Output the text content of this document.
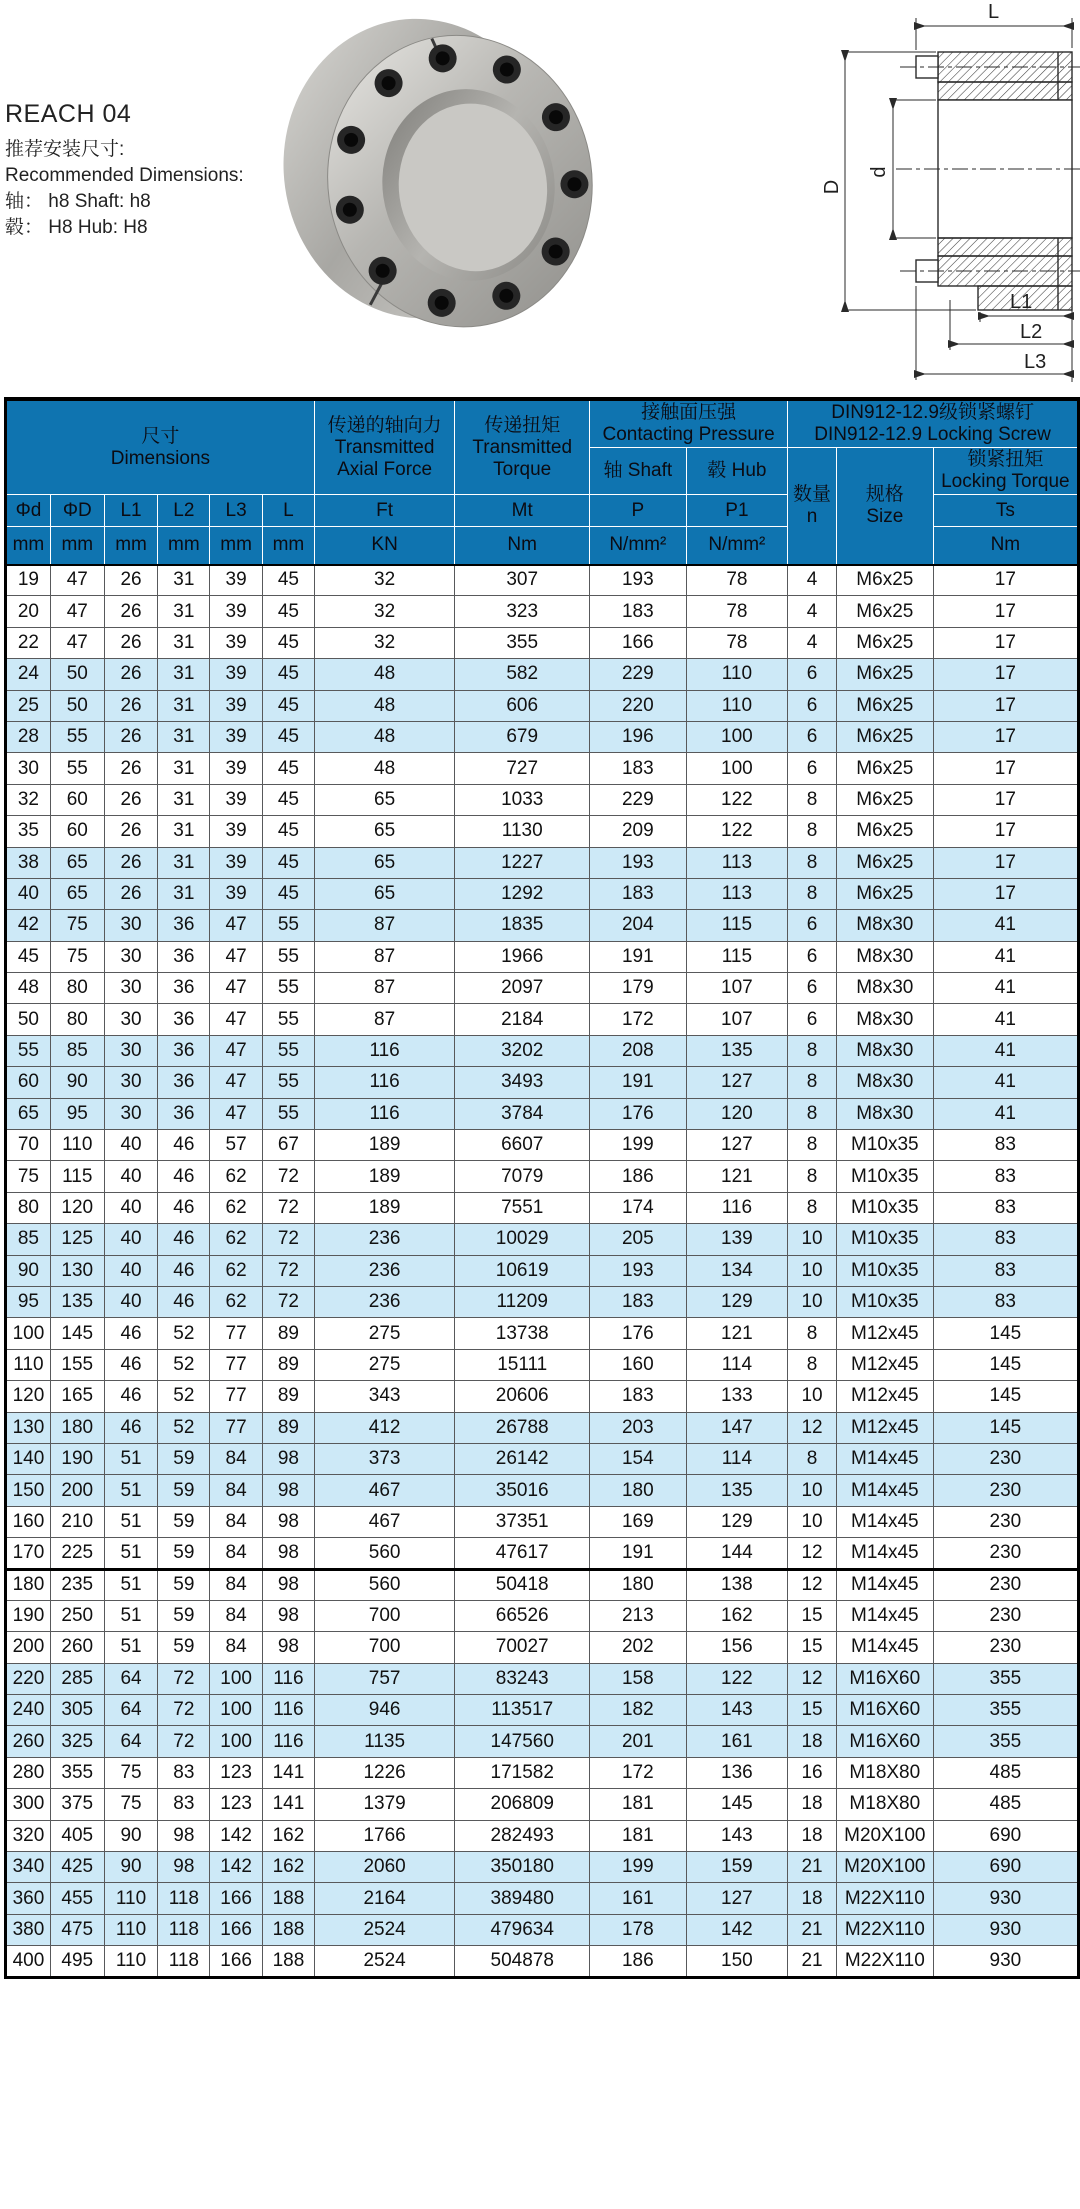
REACH 04
推荐安装尺寸:
Recommended Dimensions:
轴： h8 Shaft: h8
毂： H8 Hub: H8
L
D
d
L1
L2
L3
尺寸
Dimensions						传递的轴向力
Transmitted
Axial Force	传递扭矩
Transmitted
Torque	接触面压强
Contacting Pressure		DIN912-12.9级锁紧螺钉
DIN912-12.9 Locking Screw		

								轴 Shaft	毂 Hub	数量
n	规格
Size	锁紧扭矩
Locking Torque

Φd	ΦD	L1	L2	L3	L	Ft	Mt	P	P1			Ts
mm	mm	mm	mm	mm	mm	KN	Nm	N/mm²	N/mm²			Nm
19	47	26	31	39	45	32	307	193	78	4	M6x25	17
20	47	26	31	39	45	32	323	183	78	4	M6x25	17
22	47	26	31	39	45	32	355	166	78	4	M6x25	17
24	50	26	31	39	45	48	582	229	110	6	M6x25	17
25	50	26	31	39	45	48	606	220	110	6	M6x25	17
28	55	26	31	39	45	48	679	196	100	6	M6x25	17
30	55	26	31	39	45	48	727	183	100	6	M6x25	17
32	60	26	31	39	45	65	1033	229	122	8	M6x25	17
35	60	26	31	39	45	65	1130	209	122	8	M6x25	17
38	65	26	31	39	45	65	1227	193	113	8	M6x25	17
40	65	26	31	39	45	65	1292	183	113	8	M6x25	17
42	75	30	36	47	55	87	1835	204	115	6	M8x30	41
45	75	30	36	47	55	87	1966	191	115	6	M8x30	41
48	80	30	36	47	55	87	2097	179	107	6	M8x30	41
50	80	30	36	47	55	87	2184	172	107	6	M8x30	41
55	85	30	36	47	55	116	3202	208	135	8	M8x30	41
60	90	30	36	47	55	116	3493	191	127	8	M8x30	41
65	95	30	36	47	55	116	3784	176	120	8	M8x30	41
70	110	40	46	57	67	189	6607	199	127	8	M10x35	83
75	115	40	46	62	72	189	7079	186	121	8	M10x35	83
80	120	40	46	62	72	189	7551	174	116	8	M10x35	83
85	125	40	46	62	72	236	10029	205	139	10	M10x35	83
90	130	40	46	62	72	236	10619	193	134	10	M10x35	83
95	135	40	46	62	72	236	11209	183	129	10	M10x35	83
100	145	46	52	77	89	275	13738	176	121	8	M12x45	145
110	155	46	52	77	89	275	15111	160	114	8	M12x45	145
120	165	46	52	77	89	343	20606	183	133	10	M12x45	145
130	180	46	52	77	89	412	26788	203	147	12	M12x45	145
140	190	51	59	84	98	373	26142	154	114	8	M14x45	230
150	200	51	59	84	98	467	35016	180	135	10	M14x45	230
160	210	51	59	84	98	467	37351	169	129	10	M14x45	230
170	225	51	59	84	98	560	47617	191	144	12	M14x45	230
180	235	51	59	84	98	560	50418	180	138	12	M14x45	230
190	250	51	59	84	98	700	66526	213	162	15	M14x45	230
200	260	51	59	84	98	700	70027	202	156	15	M14x45	230
220	285	64	72	100	116	757	83243	158	122	12	M16X60	355
240	305	64	72	100	116	946	113517	182	143	15	M16X60	355
260	325	64	72	100	116	1135	147560	201	161	18	M16X60	355
280	355	75	83	123	141	1226	171582	172	136	16	M18X80	485
300	375	75	83	123	141	1379	206809	181	145	18	M18X80	485
320	405	90	98	142	162	1766	282493	181	143	18	M20X100	690
340	425	90	98	142	162	2060	350180	199	159	21	M20X100	690
360	455	110	118	166	188	2164	389480	161	127	18	M22X110	930
380	475	110	118	166	188	2524	479634	178	142	21	M22X110	930
400	495	110	118	166	188	2524	504878	186	150	21	M22X110	930
